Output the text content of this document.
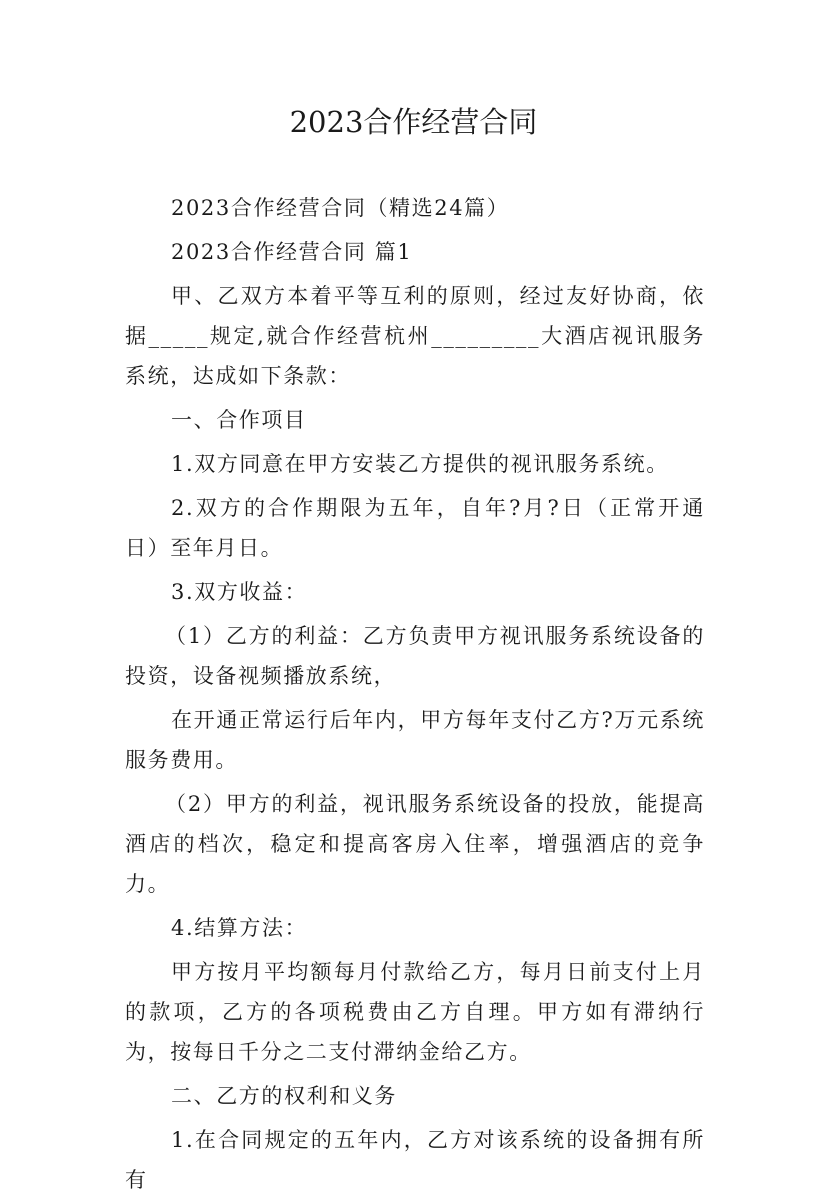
2023合作经营合同

2023合作经营合同（精选24篇）

2023合作经营合同 篇1

甲、乙双方本着平等互利的原则，经过友好协商，依据_____规定,就合作经营杭州_________大酒店视讯服务系统，达成如下条款：

一、合作项目

1.双方同意在甲方安装乙方提供的视讯服务系统。

2.双方的合作期限为五年，自年?月?日（正常开通日）至年月日。

3.双方收益：

（1）乙方的利益：乙方负责甲方视讯服务系统设备的投资，设备视频播放系统，

在开通正常运行后年内，甲方每年支付乙方?万元系统服务费用。

（2）甲方的利益，视讯服务系统设备的投放，能提高酒店的档次，稳定和提高客房入住率，增强酒店的竞争力。

4.结算方法：

甲方按月平均额每月付款给乙方，每月日前支付上月的款项，乙方的各项税费由乙方自理。甲方如有滞纳行为，按每日千分之二支付滞纳金给乙方。

二、乙方的权利和义务

1.在合同规定的五年内，乙方对该系统的设备拥有所有
